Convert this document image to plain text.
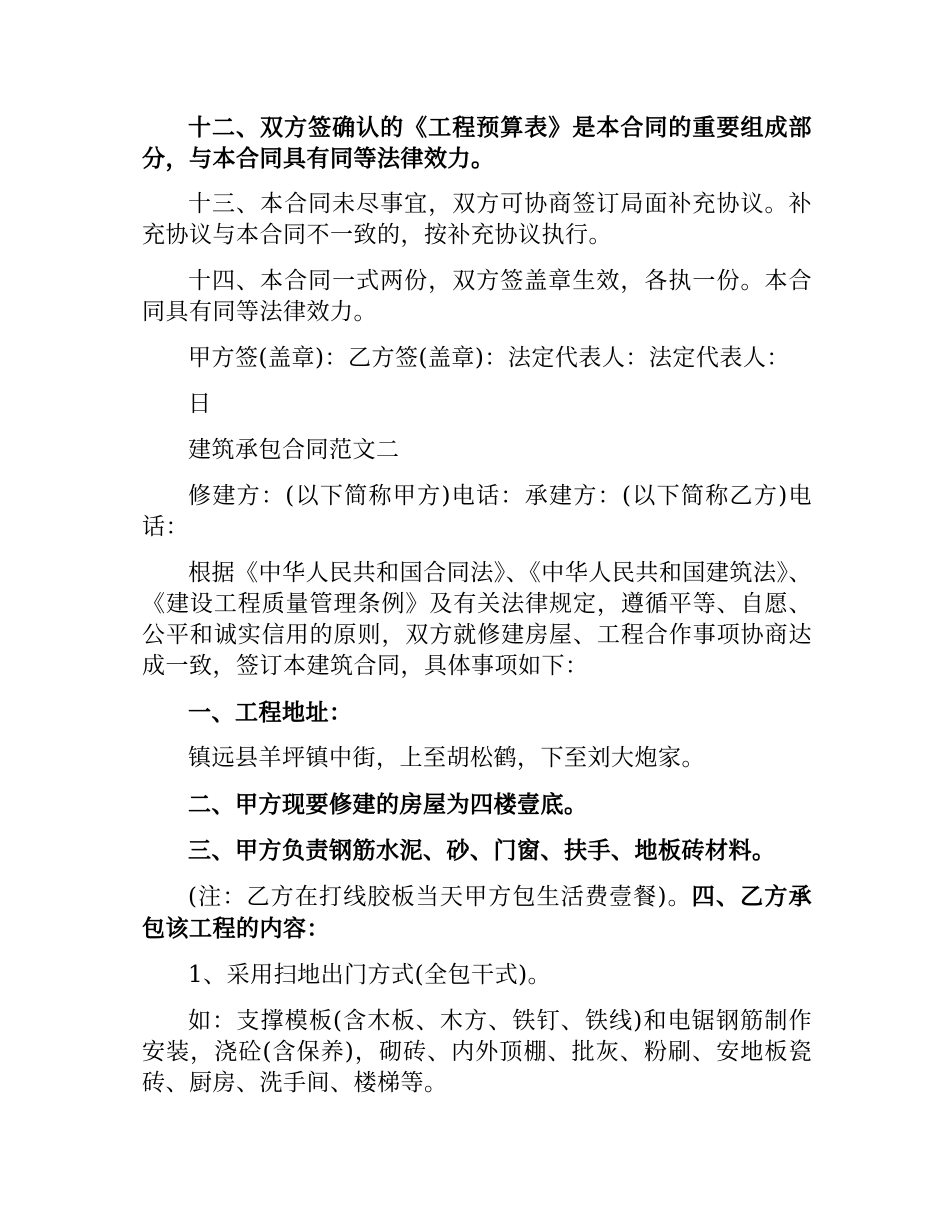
十二、双方签确认的《工程预算表》是本合同的重要组成部分，与本合同具有同等法律效力。

十三、本合同未尽事宜，双方可协商签订局面补充协议。补充协议与本合同不一致的，按补充协议执行。

十四、本合同一式两份，双方签盖章生效，各执一份。本合同具有同等法律效力。

甲方签(盖章)：乙方签(盖章)：法定代表人：法定代表人：

日

建筑承包合同范文二

修建方：(以下简称甲方)电话：承建方：(以下简称乙方)电话：

根据《中华人民共和国合同法》、《中华人民共和国建筑法》、《建设工程质量管理条例》及有关法律规定，遵循平等、自愿、公平和诚实信用的原则，双方就修建房屋、工程合作事项协商达成一致，签订本建筑合同，具体事项如下：

一、工程地址：

镇远县羊坪镇中街，上至胡松鹤，下至刘大炮家。

二、甲方现要修建的房屋为四楼壹底。

三、甲方负责钢筋水泥、砂、门窗、扶手、地板砖材料。

(注：乙方在打线胶板当天甲方包生活费壹餐)。四、乙方承包该工程的内容：

1、采用扫地出门方式(全包干式)。

如：支撑模板(含木板、木方、铁钉、铁线)和电锯钢筋制作安装，浇砼(含保养)，砌砖、内外顶棚、批灰、粉刷、安地板瓷砖、厨房、洗手间、楼梯等。
